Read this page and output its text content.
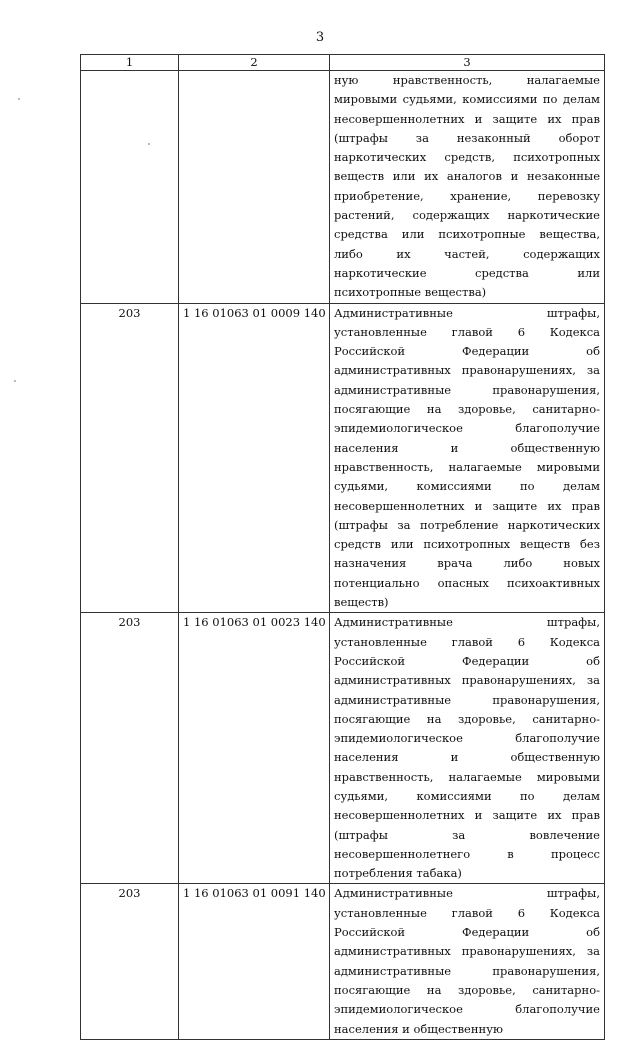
3
1	2	3
		ную нравственность, налагаемые мировыми судьями, комиссиями по делам несовершеннолетних и защите их прав (штрафы за незаконный оборот наркотических средств, психотропных веществ или их аналогов и незаконные приобретение, хранение, перевозку растений, содержащих наркотические средства или психотропные вещества, либо их частей, содержащих наркотические средства или психотропные вещества)
203	1 16 01063 01 0009 140	Административные штрафы, установленные главой 6 Кодекса Российской Федерации об административных правонарушениях, за административные правонарушения, посягающие на здоровье, санитарно-эпидемиологическое благополучие населения и общественную нравственность, налагаемые мировыми судьями, комиссиями по делам несовершеннолетних и защите их прав (штрафы за потребление наркотических средств или психотропных веществ без назначения врача либо новых потенциально опасных психоактивных веществ)
203	1 16 01063 01 0023 140	Административные штрафы, установленные главой 6 Кодекса Российской Федерации об административных правонарушениях, за административные правонарушения, посягающие на здоровье, санитарно-эпидемиологическое благополучие населения и общественную нравственность, налагаемые мировыми судьями, комиссиями по делам несовершеннолетних и защите их прав (штрафы за вовлечение несовершеннолетнего в процесс потребления табака)
203	1 16 01063 01 0091 140	Административные штрафы, установленные главой 6 Кодекса Российской Федерации об административных правонарушениях, за административные правонарушения, посягающие на здоровье, санитарно-эпидемиологическое благополучие населения и общественную
